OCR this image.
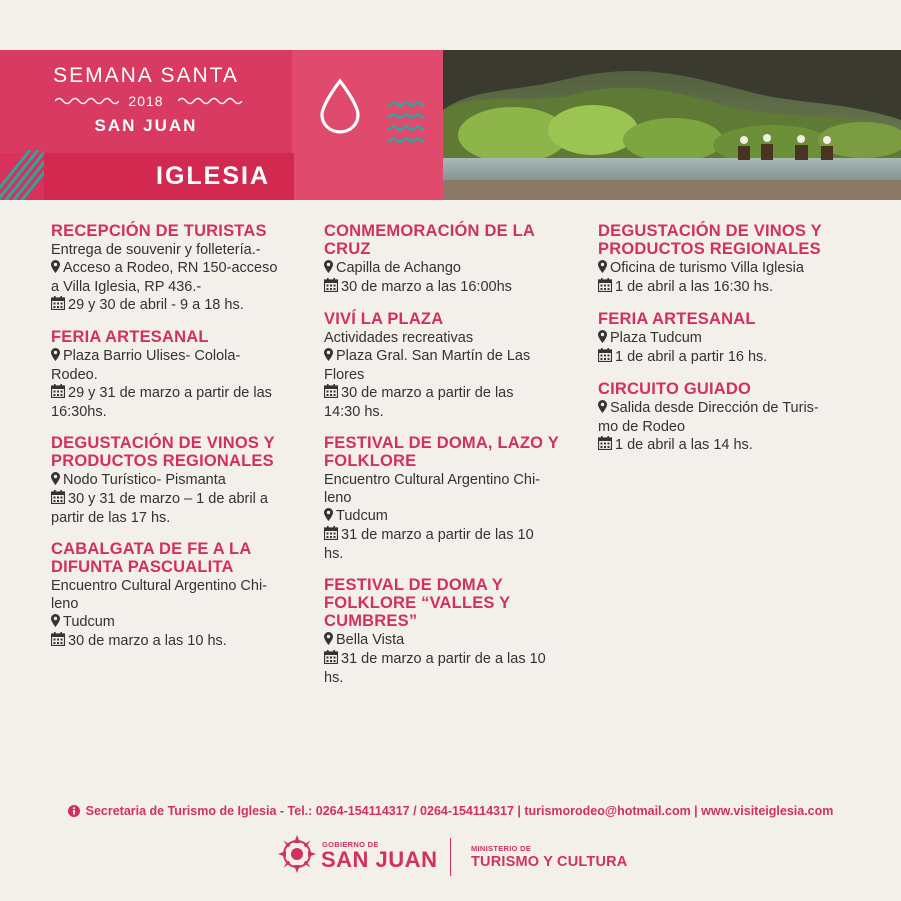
SEMANA SANTA
2018
SAN JUAN
IGLESIA
RECEPCIÓN DE TURISTAS
Entrega de souvenir y folletería.-
Acceso a Rodeo, RN 150-acceso
a Villa Iglesia, RP 436.-
29 y 30 de abril - 9 a 18 hs.
FERIA ARTESANAL
Plaza Barrio Ulises- Colola-
Rodeo.
29 y 31 de marzo a partir de las
16:30hs.
DEGUSTACIÓN DE VINOS Y PRODUCTOS REGIONALES
Nodo Turístico- Pismanta
30 y 31 de marzo – 1 de abril a
partir de las 17 hs.
CABALGATA DE FE A LA DIFUNTA PASCUALITA
Encuentro Cultural Argentino Chi-
leno
Tudcum
30 de marzo a las 10 hs.
CONMEMORACIÓN DE LA CRUZ
Capilla de Achango
30 de marzo a las 16:00hs
VIVÍ LA PLAZA
Actividades recreativas
Plaza Gral. San Martín de Las
Flores
30 de marzo a partir de las
14:30 hs.
FESTIVAL DE DOMA, LAZO Y FOLKLORE
Encuentro Cultural Argentino Chi-
leno
Tudcum
31 de marzo a partir de las 10
hs.
FESTIVAL DE DOMA Y FOLKLORE “VALLES Y CUMBRES”
Bella Vista
31 de marzo a partir de a las 10
hs.
DEGUSTACIÓN DE VINOS Y PRODUCTOS REGIONALES
Oficina de turismo Villa Iglesia
1 de abril a las 16:30 hs.
FERIA ARTESANAL
Plaza Tudcum
1 de abril a partir 16 hs.
CIRCUITO GUIADO
Salida desde Dirección de Turis-
mo de Rodeo
1 de abril a las 14 hs.
Secretaria de Turismo de Iglesia - Tel.: 0264-154114317 / 0264-154114317 | turismorodeo@hotmail.com | www.visiteiglesia.com
GOBIERNO DE
SAN JUAN	MINISTERIO DE
TURISMO Y CULTURA
